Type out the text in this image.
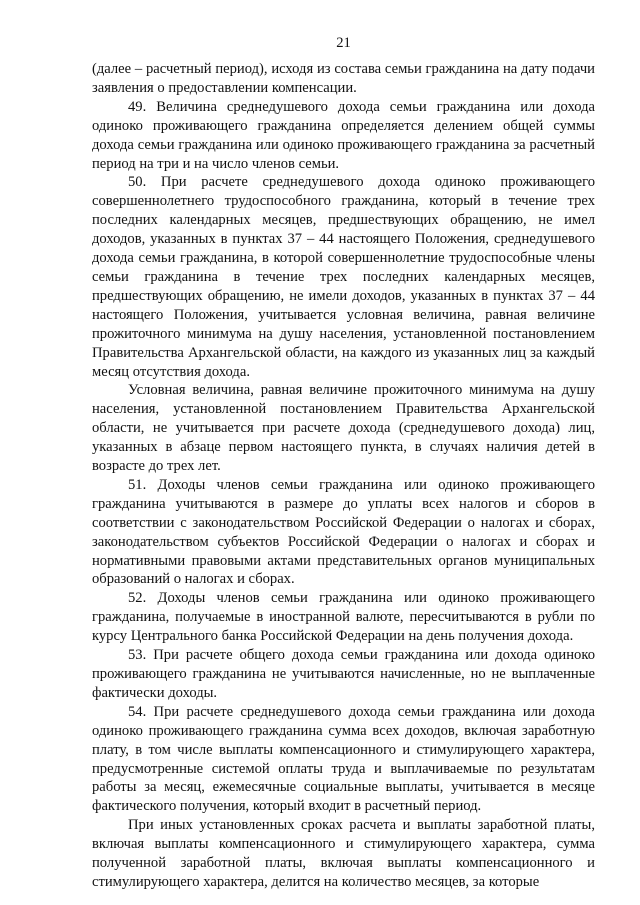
21

(далее – расчетный период), исходя из состава семьи гражданина на дату подачи заявления о предоставлении компенсации.

49. Величина среднедушевого дохода семьи гражданина или дохода одиноко проживающего гражданина определяется делением общей суммы дохода семьи гражданина или одиноко проживающего гражданина за расчетный период на три и на число членов семьи.

50. При расчете среднедушевого дохода одиноко проживающего совершеннолетнего трудоспособного гражданина, который в течение трех последних календарных месяцев, предшествующих обращению, не имел доходов, указанных в пунктах 37 – 44 настоящего Положения, среднедушевого дохода семьи гражданина, в которой совершеннолетние трудоспособные члены семьи гражданина в течение трех последних календарных месяцев, предшествующих обращению, не имели доходов, указанных в пунктах 37 – 44 настоящего Положения, учитывается условная величина, равная величине прожиточного минимума на душу населения, установленной постановлением Правительства Архангельской области, на каждого из указанных лиц за каждый месяц отсутствия дохода.

Условная величина, равная величине прожиточного минимума на душу населения, установленной постановлением Правительства Архангельской области, не учитывается при расчете дохода (среднедушевого дохода) лиц, указанных в абзаце первом настоящего пункта, в случаях наличия детей в возрасте до трех лет.

51. Доходы членов семьи гражданина или одиноко проживающего гражданина учитываются в размере до уплаты всех налогов и сборов в соответствии с законодательством Российской Федерации о налогах и сборах, законодательством субъектов Российской Федерации о налогах и сборах и нормативными правовыми актами представительных органов муниципальных образований о налогах и сборах.

52. Доходы членов семьи гражданина или одиноко проживающего гражданина, получаемые в иностранной валюте, пересчитываются в рубли по курсу Центрального банка Российской Федерации на день получения дохода.

53. При расчете общего дохода семьи гражданина или дохода одиноко проживающего гражданина не учитываются начисленные, но не выплаченные фактически доходы.

54. При расчете среднедушевого дохода семьи гражданина или дохода одиноко проживающего гражданина сумма всех доходов, включая заработную плату, в том числе выплаты компенсационного и стимулирующего характера, предусмотренные системой оплаты труда и выплачиваемые по результатам работы за месяц, ежемесячные социальные выплаты, учитывается в месяце фактического получения, который входит в расчетный период.

При иных установленных сроках расчета и выплаты заработной платы, включая выплаты компенсационного и стимулирующего характера, сумма полученной заработной платы, включая выплаты компенсационного и стимулирующего характера, делится на количество месяцев, за которые
